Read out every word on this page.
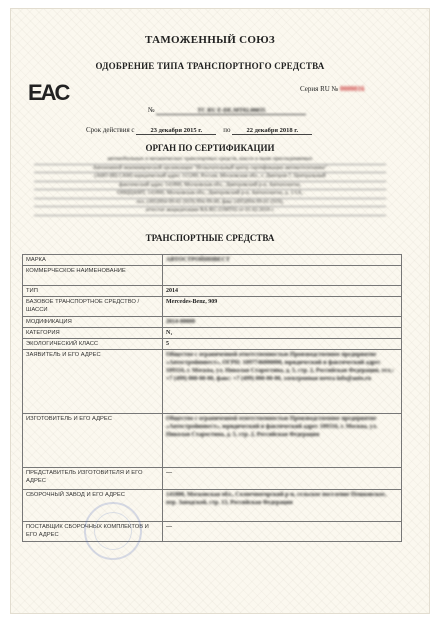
ТАМОЖЕННЫЙ СОЮЗ
ОДОБРЕНИЕ ТИПА ТРАНСПОРТНОГО СРЕДСТВА
EAC	Серия RU № 0000016
№	ТС RU E-DE.МТ02.00035
Срок действия с 23 декабря 2015 г.	по 22 декабря 2018 г.
ОРГАН ПО СЕРТИФИКАЦИИ
автомобильных и механических транспортных средств, шасси и ныне присоединяемых
Автономной некоммерческой организации "Испытательный центр сертификации автомототехники"
(АНО ИЦ САМ) юридический адрес 115280, Россия, Московская обл., г. Дмитров-7, Центральный
фактический адрес 141800, Московская обл., Дмитровский р-н, Автополигон,
ОНЦЦАМТ, 141800, Московская обл., Дмитровский р-н, Автополигон, д. 1/1А,
тел. (495)994-99-01 (919) 994-99-00, факс (495)994-99-01 (919),
аттестат аккредитации RA.RU.21MT02 от 01.02.2016 г.
ТРАНСПОРТНЫЕ СРЕДСТВА
МАРКА	АВТОСТРОЙИНВЕСТ
КОММЕРЧЕСКОЕ НАИМЕНОВАНИЕ	
ТИП	2014
БАЗОВОЕ ТРАНСПОРТНОЕ СРЕДСТВО / ШАССИ	Mercedes-Benz, 909
МОДИФИКАЦИЯ	2014-00000
КАТЕГОРИЯ	N₁
ЭКОЛОГИЧЕСКИЙ КЛАСС	5
ЗАЯВИТЕЛЬ И ЕГО АДРЕС	Общество с ограниченной ответственностью Производственное предприятие «Автостройинвест», ОГРН: 1097746000000, юридический и фактический адрес 109316, г. Москва, ул. Николая Старостина, д. 5, стр. 2, Российская Федерация, тел.: +7 (499) 000-00-00, факс: +7 (499) 000-00-00, электронная почта info@auto.ru
ИЗГОТОВИТЕЛЬ И ЕГО АДРЕС	Общество с ограниченной ответственностью Производственное предприятие «Автостройинвест», юридический и фактический адрес 109316, г. Москва, ул. Николая Старостина, д. 5, стр. 2, Российская Федерация
ПРЕДСТАВИТЕЛЬ ИЗГОТОВИТЕЛЯ И ЕГО АДРЕС	—
СБОРОЧНЫЙ ЗАВОД И ЕГО АДРЕС	141800, Московская обл., Солнечногорский р-н, сельское поселение Пешковское, пер. Заводской, стр. 13, Российская Федерация
ПОСТАВЩИК СБОРОЧНЫХ КОМПЛЕКТОВ И ЕГО АДРЕС	—
